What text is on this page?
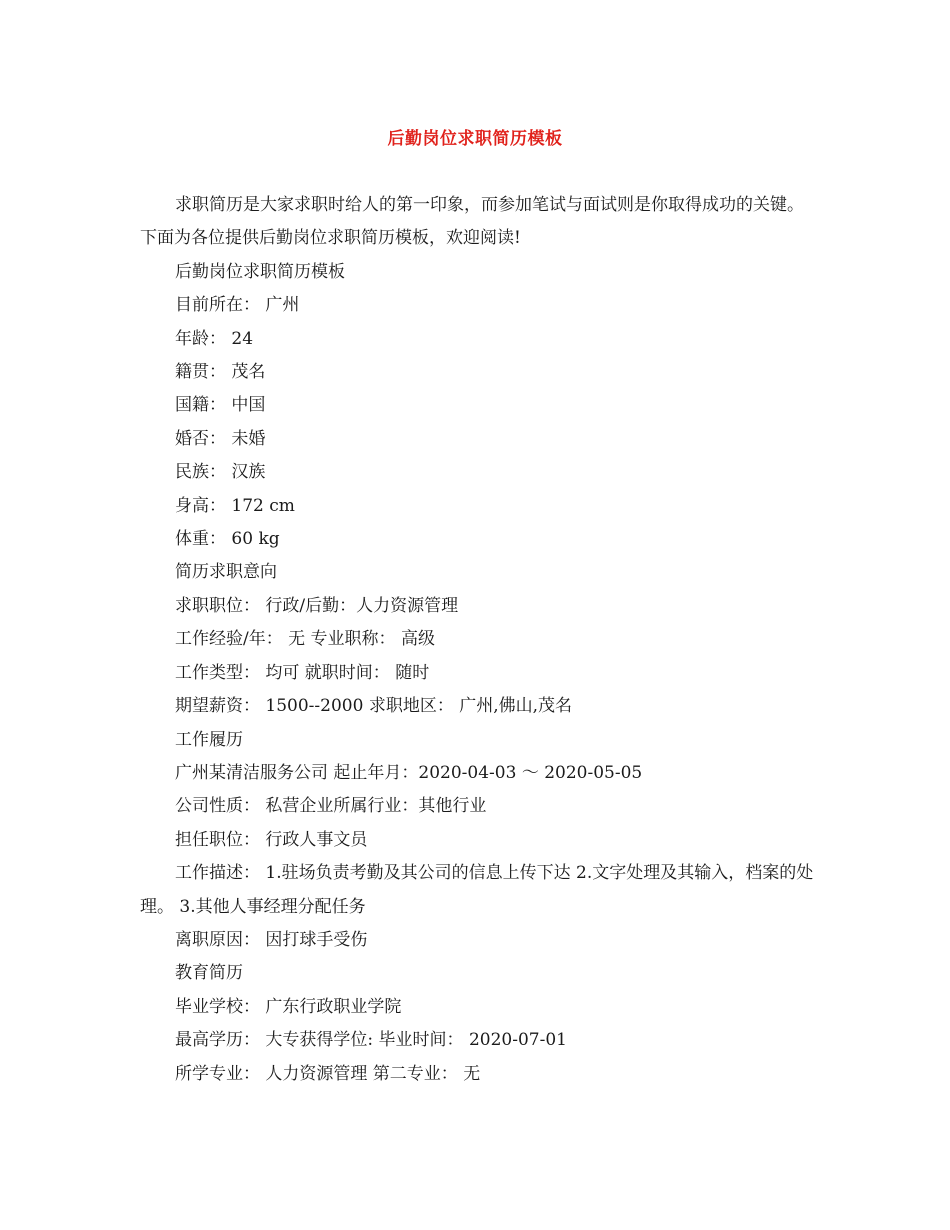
后勤岗位求职简历模板

求职简历是大家求职时给人的第一印象，而参加笔试与面试则是你取得成功的关键。下面为各位提供后勤岗位求职简历模板，欢迎阅读!

后勤岗位求职简历模板

目前所在： 广州

年龄： 24

籍贯： 茂名

国籍： 中国

婚否： 未婚

民族： 汉族

身高： 172 cm

体重： 60 kg

简历求职意向

求职职位： 行政/后勤：人力资源管理

工作经验/年： 无 专业职称： 高级

工作类型： 均可 就职时间： 随时

期望薪资： 1500--2000 求职地区： 广州,佛山,茂名

工作履历

广州某清洁服务公司 起止年月：2020-04-03 ～ 2020-05-05

公司性质： 私营企业所属行业：其他行业

担任职位： 行政人事文员

工作描述： 1.驻场负责考勤及其公司的信息上传下达 2.文字处理及其输入，档案的处理。 3.其他人事经理分配任务

离职原因： 因打球手受伤

教育简历

毕业学校： 广东行政职业学院

最高学历： 大专获得学位: 毕业时间： 2020-07-01

所学专业： 人力资源管理 第二专业： 无
